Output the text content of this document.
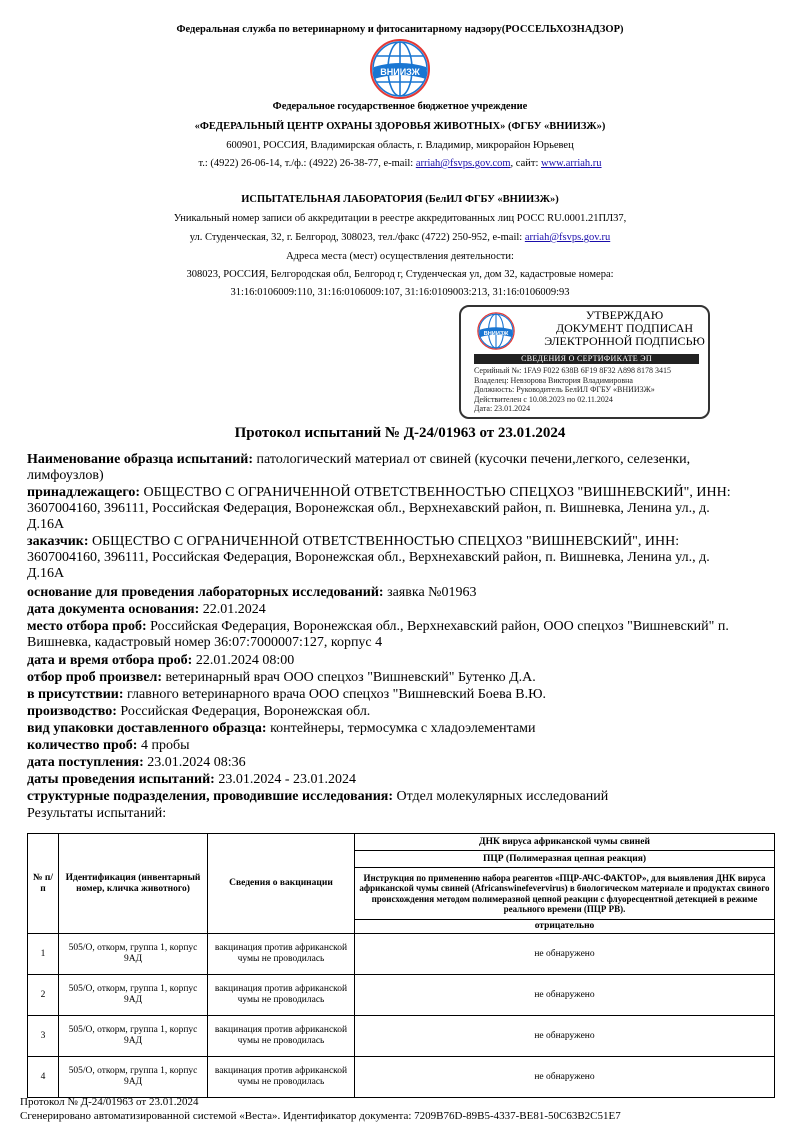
Федеральная служба по ветеринарному и фитосанитарному надзору(РОССЕЛЬХОЗНАДЗОР)
ВНИИЗЖ
Федеральное государственное бюджетное учреждение
«ФЕДЕРАЛЬНЫЙ ЦЕНТР ОХРАНЫ ЗДОРОВЬЯ ЖИВОТНЫХ» (ФГБУ «ВНИИЗЖ»)
600901, РОССИЯ, Владимирская область, г. Владимир, микрорайон Юрьевец
т.: (4922) 26-06-14, т./ф.: (4922) 26-38-77, e-mail: arriah@fsvps.gov.com, сайт: www.arriah.ru
ИСПЫТАТЕЛЬНАЯ ЛАБОРАТОРИЯ (БелИЛ ФГБУ «ВНИИЗЖ»)
Уникальный номер записи об аккредитации в реестре аккредитованных лиц РОСС RU.0001.21ПЛ37,
ул. Студенческая, 32, г. Белгород, 308023, тел./факс (4722) 250-952, e-mail: arriah@fsvps.gov.ru
Адреса места (мест) осуществления деятельности:
308023, РОССИЯ, Белгородская обл, Белгород г, Студенческая ул, дом 32, кадастровые номера:
31:16:0106009:110, 31:16:0106009:107, 31:16:0109003:213, 31:16:0106009:93
ВНИИЗЖ
УТВЕРЖДАЮ
ДОКУМЕНТ ПОДПИСАН
ЭЛЕКТРОННОЙ ПОДПИСЬЮ
СВЕДЕНИЯ О СЕРТИФИКАТЕ ЭП
Серийный №: 1FA9 F022 638B 6F19 8F32 A898 8178 3415
Владелец: Невзорова Виктория Владимировна
Должность: Руководитель БелИЛ ФГБУ «ВНИИЗЖ»
Действителен с 10.08.2023 по 02.11.2024
Дата: 23.01.2024
Протокол испытаний № Д-24/01963 от 23.01.2024
Наименование образца испытаний: патологический материал от свиней (кусочки печени,легкого, селезенки,
лимфоузлов)
принадлежащего: ОБЩЕСТВО С ОГРАНИЧЕННОЙ ОТВЕТСТВЕННОСТЬЮ СПЕЦХОЗ "ВИШНЕВСКИЙ", ИНН:
3607004160, 396111, Российская Федерация, Воронежская обл., Верхнехавский район, п. Вишневка, Ленина ул., д.
Д.16А
заказчик: ОБЩЕСТВО С ОГРАНИЧЕННОЙ ОТВЕТСТВЕННОСТЬЮ СПЕЦХОЗ "ВИШНЕВСКИЙ", ИНН:
3607004160, 396111, Российская Федерация, Воронежская обл., Верхнехавский район, п. Вишневка, Ленина ул., д.
Д.16А
основание для проведения лабораторных исследований: заявка №01963
дата документа основания: 22.01.2024
место отбора проб: Российская Федерация, Воронежская обл., Верхнехавский район, ООО спецхоз "Вишневский" п.
Вишневка, кадастровый номер 36:07:7000007:127, корпус 4
дата и время отбора проб: 22.01.2024 08:00
отбор проб произвел: ветеринарный врач ООО спецхоз "Вишневский" Бутенко Д.А.
в присутствии: главного ветеринарного врача ООО спецхоз "Вишневский Боева В.Ю.
производство: Российская Федерация, Воронежская обл.
вид упаковки доставленного образца: контейнеры, термосумка с хладоэлементами
количество проб: 4 пробы
дата поступления: 23.01.2024 08:36
даты проведения испытаний: 23.01.2024 - 23.01.2024
структурные подразделения, проводившие исследования: Отдел молекулярных исследований
Результаты испытаний:
№ п/п	Идентификация (инвентарный номер, кличка животного)	Сведения о вакцинации	ДНК вируса африканской чумы свиней
			ПЦР (Полимеразная цепная реакция)
			Инструкция по применению набора реагентов «ПЦР-АЧС-ФАКТОР», для выявления ДНК вируса африканской чумы свиней (Africanswinefevervirus) в биологическом материале и продуктах свиного происхождения методом полимеразной цепной реакции с флуоресцентной детекцией в режиме реального времени (ПЦР РВ).
			отрицательно
1	505/О, откорм, группа 1, корпус 9АД	вакцинация против африканской чумы не проводилась	не обнаружено
2	505/О, откорм, группа 1, корпус 9АД	вакцинация против африканской чумы не проводилась	не обнаружено
3	505/О, откорм, группа 1, корпус 9АД	вакцинация против африканской чумы не проводилась	не обнаружено
4	505/О, откорм, группа 1, корпус 9АД	вакцинация против африканской чумы не проводилась	не обнаружено
Протокол № Д-24/01963 от 23.01.2024
Сгенерировано автоматизированной системой «Веста». Идентификатор документа: 7209B76D-89B5-4337-BE81-50C63B2C51E7
